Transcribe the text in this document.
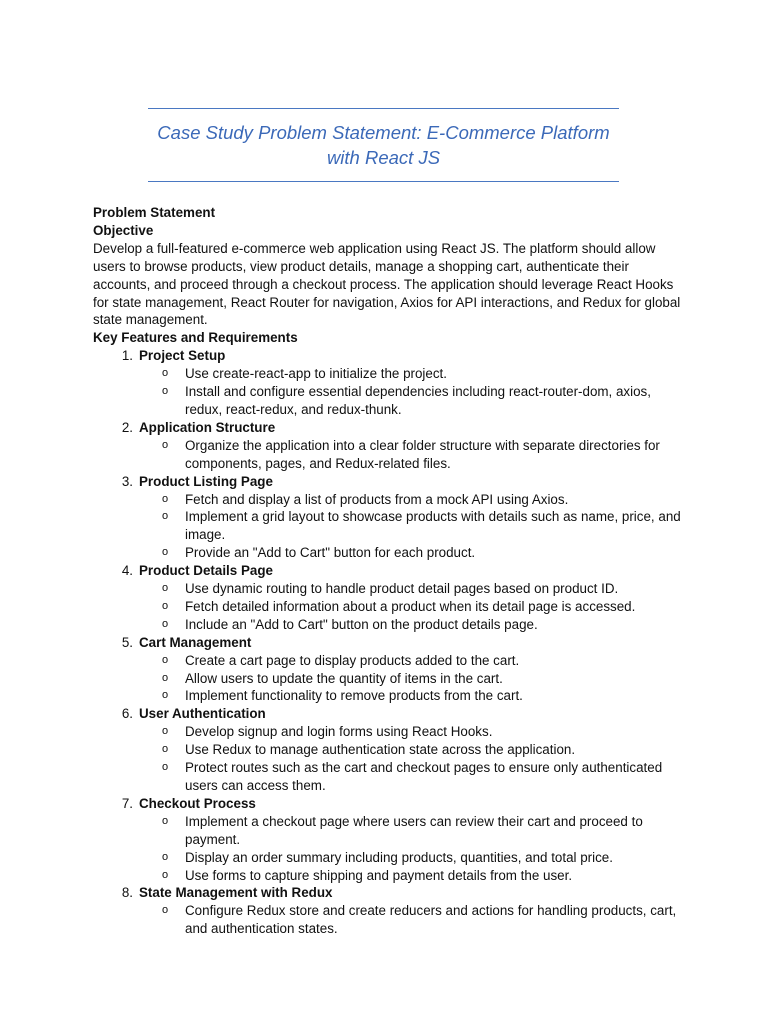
Case Study Problem Statement: E-Commerce Platform
with React JS

Problem Statement

Objective

Develop a full-featured e-commerce web application using React JS. The platform should allow users to browse products, view product details, manage a shopping cart, authenticate their accounts, and proceed through a checkout process. The application should leverage React Hooks for state management, React Router for navigation, Axios for API interactions, and Redux for global state management.

Key Features and Requirements

1. Project Setup
o Use create-react-app to initialize the project.
o Install and configure essential dependencies including react-router-dom, axios, redux, react-redux, and redux-thunk.
2. Application Structure
o Organize the application into a clear folder structure with separate directories for components, pages, and Redux-related files.
3. Product Listing Page
o Fetch and display a list of products from a mock API using Axios.
o Implement a grid layout to showcase products with details such as name, price, and image.
o Provide an "Add to Cart" button for each product.
4. Product Details Page
o Use dynamic routing to handle product detail pages based on product ID.
o Fetch detailed information about a product when its detail page is accessed.
o Include an "Add to Cart" button on the product details page.
5. Cart Management
o Create a cart page to display products added to the cart.
o Allow users to update the quantity of items in the cart.
o Implement functionality to remove products from the cart.
6. User Authentication
o Develop signup and login forms using React Hooks.
o Use Redux to manage authentication state across the application.
o Protect routes such as the cart and checkout pages to ensure only authenticated users can access them.
7. Checkout Process
o Implement a checkout page where users can review their cart and proceed to payment.
o Display an order summary including products, quantities, and total price.
o Use forms to capture shipping and payment details from the user.
8. State Management with Redux
o Configure Redux store and create reducers and actions for handling products, cart, and authentication states.
